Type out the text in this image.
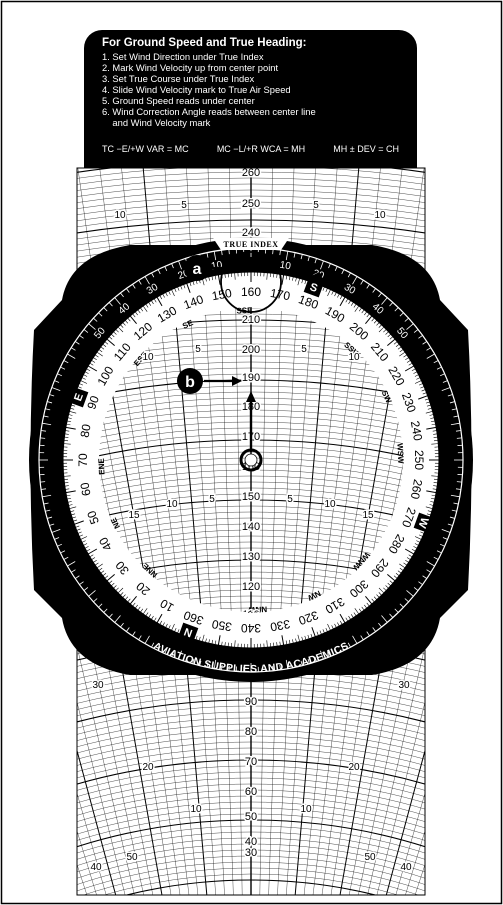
260
250
240
10
5	5
10
90
80
70
60
50
40
30
30
20
10	10
20
30
40	40
50	50
10
30
40
50
50
40
30
20
10
AVIATION SUPPLIES AND ACADEMICS
TRUE INDEX
10
20
30
40
50
60
70
80
90
100
110
120
130
140 150 160 170 180
190
200
210
220
230
240
250
260
270
280
290
300
310
320
330
340
350
360
NNE
NE
ENE
ESE
SE
SSE
SSW
SW
WSW
WNW
NW
NNW
N
E
S
W
210
200
190
160
150
140
130
120
10
5	5
10
15
10	5	5	10
15
a
b
For Ground Speed and True Heading:
1. Set Wind Direction under True Index
2. Mark Wind Velocity up from center point
3. Set True Course under True Index
4. Slide Wind Velocity mark to True Air Speed
5. Ground Speed reads under center
6. Wind Correction Angle reads between center line
and Wind Velocity mark
TC −E/+W VAR = MC	MC −L/+R WCA = MH	MH ± DEV = CH
